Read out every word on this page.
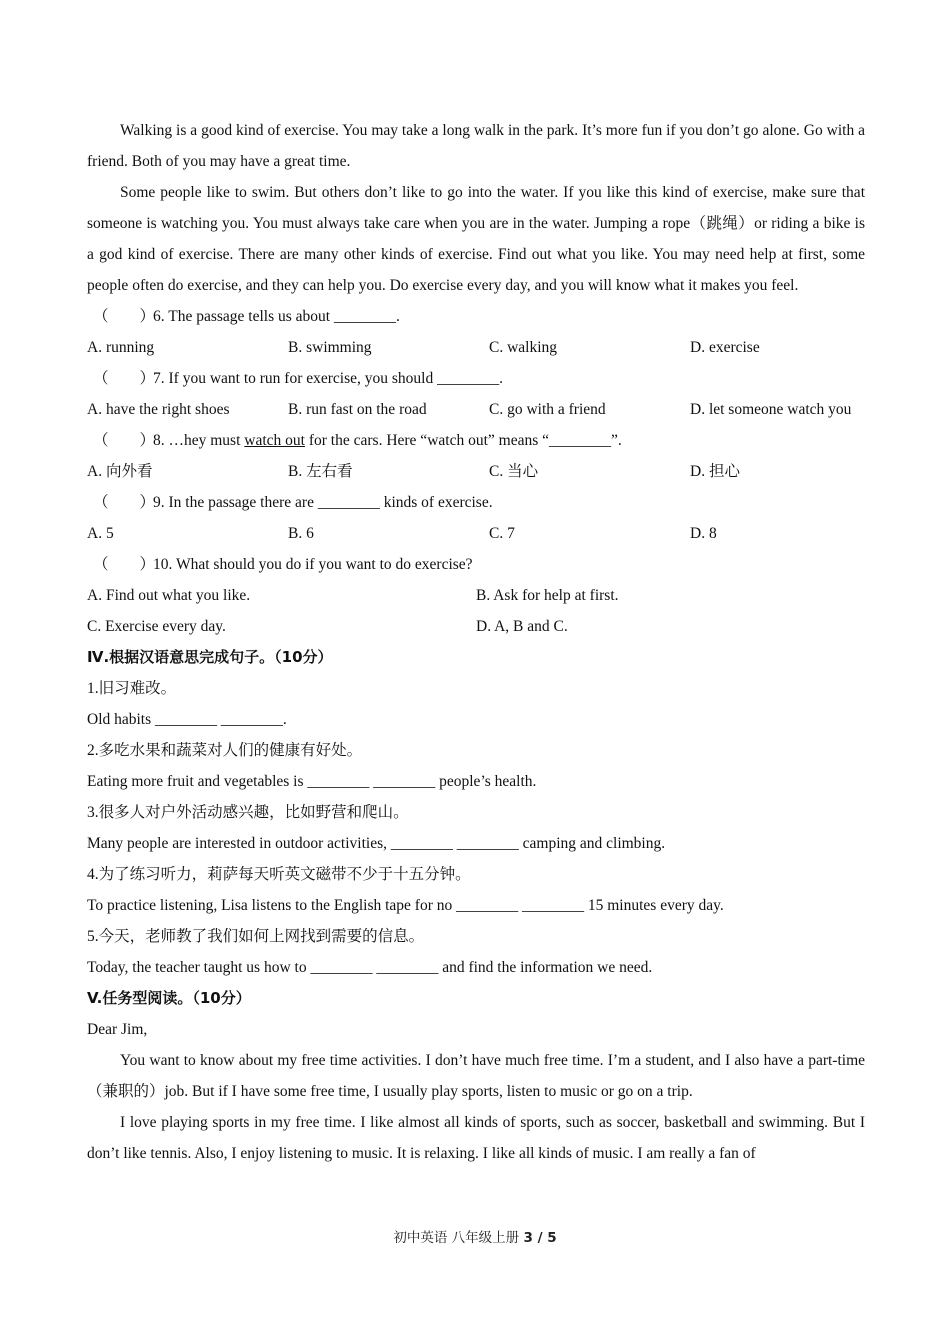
Walking is a good kind of exercise. You may take a long walk in the park. It’s more fun if you don’t go alone. Go with a friend. Both of you may have a great time.

Some people like to swim. But others don’t like to go into the water. If you like this kind of exercise, make sure that someone is watching you. You must always take care when you are in the water. Jumping a rope（跳绳）or riding a bike is a god kind of exercise. There are many other kinds of exercise. Find out what you like. You may need help at first, some people often do exercise, and they can help you. Do exercise every day, and you will know what it makes you feel.

（　　）6. The passage tells us about ________.
A. running	B. swimming	C. walking	D. exercise
（　　）7. If you want to run for exercise, you should ________.
A. have the right shoes	B. run fast on the road	C. go with a friend	D. let someone watch you
（　　）8. …hey must watch out for the cars. Here “watch out” means “________”.
A. 向外看	B. 左右看	C. 当心	D. 担心
（　　）9. In the passage there are ________ kinds of exercise.
A. 5	B. 6	C. 7	D. 8
（　　）10. What should you do if you want to do exercise?
A. Find out what you like.	B. Ask for help at first.
C. Exercise every day.	D. A, B and C.
Ⅳ.根据汉语意思完成句子。（10分）
1.旧习难改。
Old habits ________ ________.
2.多吃水果和蔬菜对人们的健康有好处。
Eating more fruit and vegetables is ________ ________ people’s health.
3.很多人对户外活动感兴趣，比如野营和爬山。
Many people are interested in outdoor activities, ________ ________ camping and climbing.
4.为了练习听力，莉萨每天听英文磁带不少于十五分钟。
To practice listening, Lisa listens to the English tape for no ________ ________ 15 minutes every day.
5.今天，老师教了我们如何上网找到需要的信息。
Today, the teacher taught us how to ________ ________ and find the information we need.
V.任务型阅读。（10分）
Dear Jim,

You want to know about my free time activities. I don’t have much free time. I’m a student, and I also have a part-time（兼职的）job. But if I have some free time, I usually play sports, listen to music or go on a trip.

I love playing sports in my free time. I like almost all kinds of sports, such as soccer, basketball and swimming. But I don’t like tennis. Also, I enjoy listening to music. It is relaxing. I like all kinds of music. I am really a fan of

初中英语 八年级上册 3 / 5
